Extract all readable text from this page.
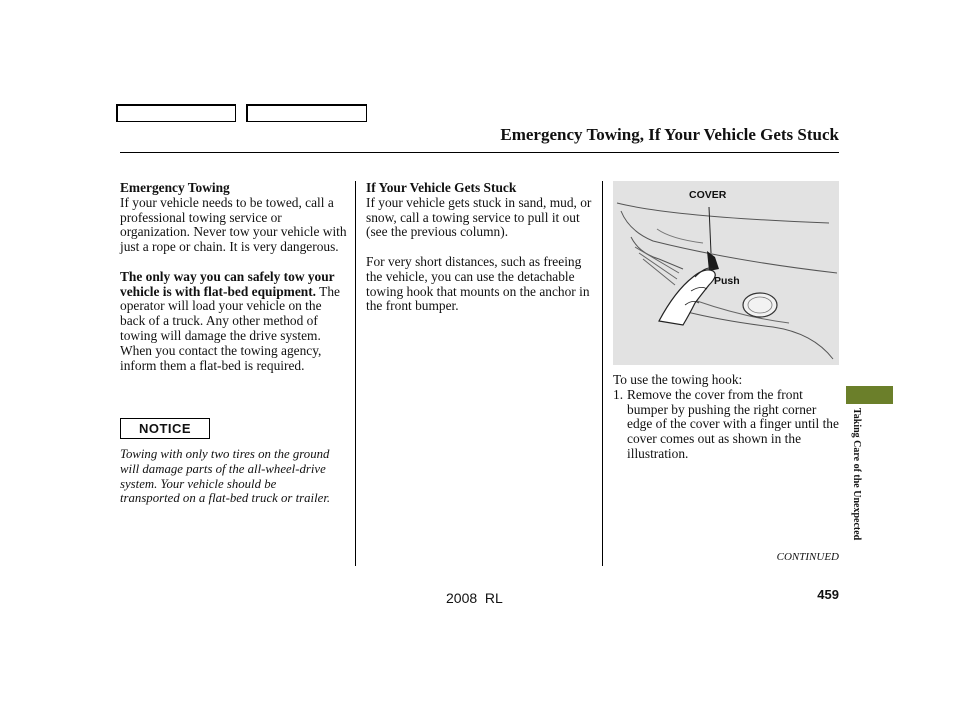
Emergency Towing, If Your Vehicle Gets Stuck

Emergency Towing

If your vehicle needs to be towed, call a professional towing service or organization. Never tow your vehicle with just a rope or chain. It is very dangerous.

The only way you can safely tow your vehicle is with flat-bed equipment. The operator will load your vehicle on the back of a truck. Any other method of towing will damage the drive system. When you contact the towing agency, inform them a flat-bed is required.

NOTICE
Towing with only two tires on the ground will damage parts of the all-wheel-drive system. Your vehicle should be transported on a flat-bed truck or trailer.

If Your Vehicle Gets Stuck

If your vehicle gets stuck in sand, mud, or snow, call a towing service to pull it out (see the previous column).

For very short distances, such as freeing the vehicle, you can use the detachable towing hook that mounts on the anchor in the front bumper.

COVER
Push

To use the towing hook:

1. Remove the cover from the front bumper by pushing the right corner edge of the cover with a finger until the cover comes out as shown in the illustration.	Taking Care of the Unexpected
CONTINUED
2008  RL	459
